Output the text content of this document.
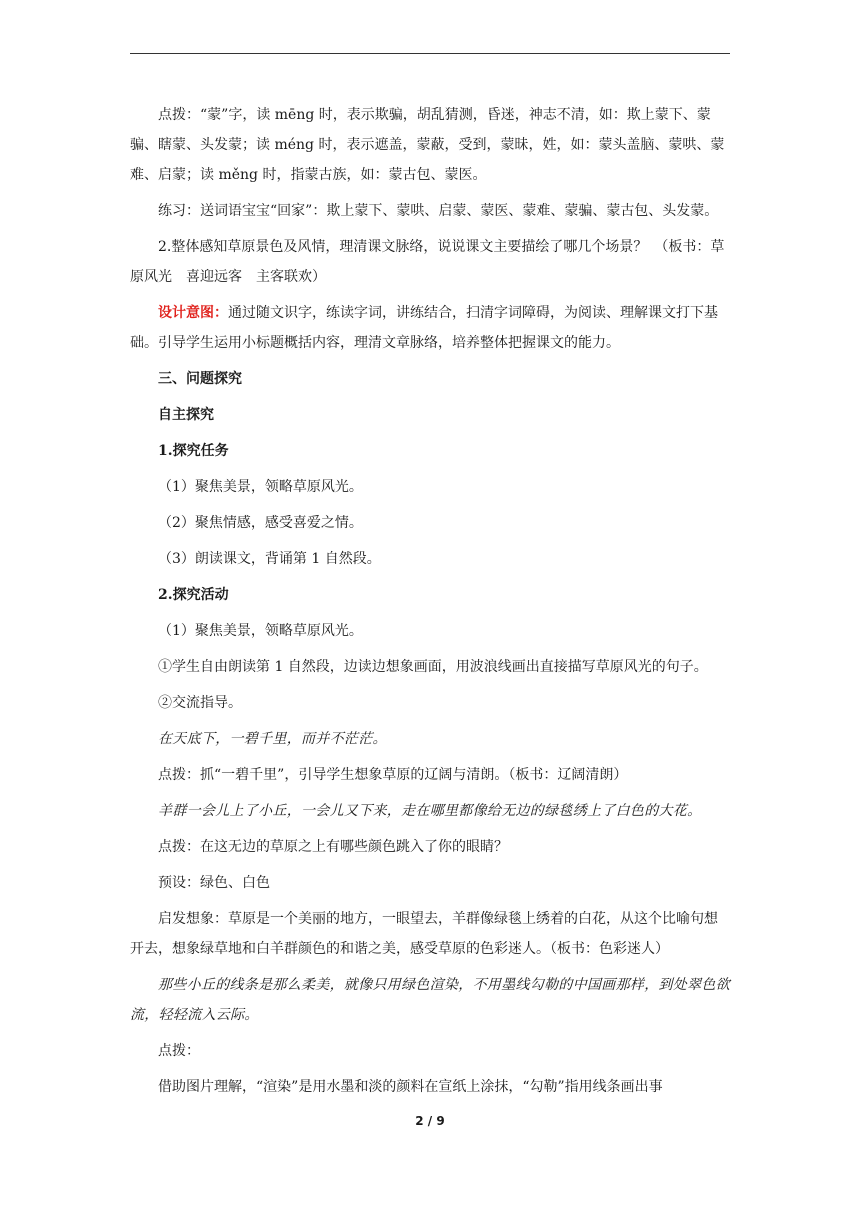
点拨：“蒙”字，读 mēng 时，表示欺骗，胡乱猜测，昏迷，神志不清，如：欺上蒙下、蒙骗、瞎蒙、头发蒙；读 méng 时，表示遮盖，蒙蔽，受到，蒙昧，姓，如：蒙头盖脑、蒙哄、蒙难、启蒙；读 měng 时，指蒙古族，如：蒙古包、蒙医。

练习：送词语宝宝“回家”：欺上蒙下、蒙哄、启蒙、蒙医、蒙难、蒙骗、蒙古包、头发蒙。

2.整体感知草原景色及风情，理清课文脉络，说说课文主要描绘了哪几个场景？　（板书：草原风光　喜迎远客　主客联欢）

设计意图：通过随文识字，练读字词，讲练结合，扫清字词障碍，为阅读、理解课文打下基础。引导学生运用小标题概括内容，理清文章脉络，培养整体把握课文的能力。

三、问题探究

自主探究

1.探究任务

（1）聚焦美景，领略草原风光。

（2）聚焦情感，感受喜爱之情。

（3）朗读课文，背诵第 1 自然段。

2.探究活动

（1）聚焦美景，领略草原风光。

①学生自由朗读第 1 自然段，边读边想象画面，用波浪线画出直接描写草原风光的句子。

②交流指导。

在天底下，一碧千里，而并不茫茫。

点拨：抓“一碧千里”，引导学生想象草原的辽阔与清朗。（板书：辽阔清朗）

羊群一会儿上了小丘，一会儿又下来，走在哪里都像给无边的绿毯绣上了白色的大花。

点拨：在这无边的草原之上有哪些颜色跳入了你的眼睛？

预设：绿色、白色

启发想象：草原是一个美丽的地方，一眼望去，羊群像绿毯上绣着的白花，从这个比喻句想开去，想象绿草地和白羊群颜色的和谐之美，感受草原的色彩迷人。（板书：色彩迷人）

那些小丘的线条是那么柔美，就像只用绿色渲染，不用墨线勾勒的中国画那样，到处翠色欲流，轻轻流入云际。

点拨：

借助图片理解，“渲染”是用水墨和淡的颜料在宣纸上涂抹，“勾勒”指用线条画出事

2 / 9
